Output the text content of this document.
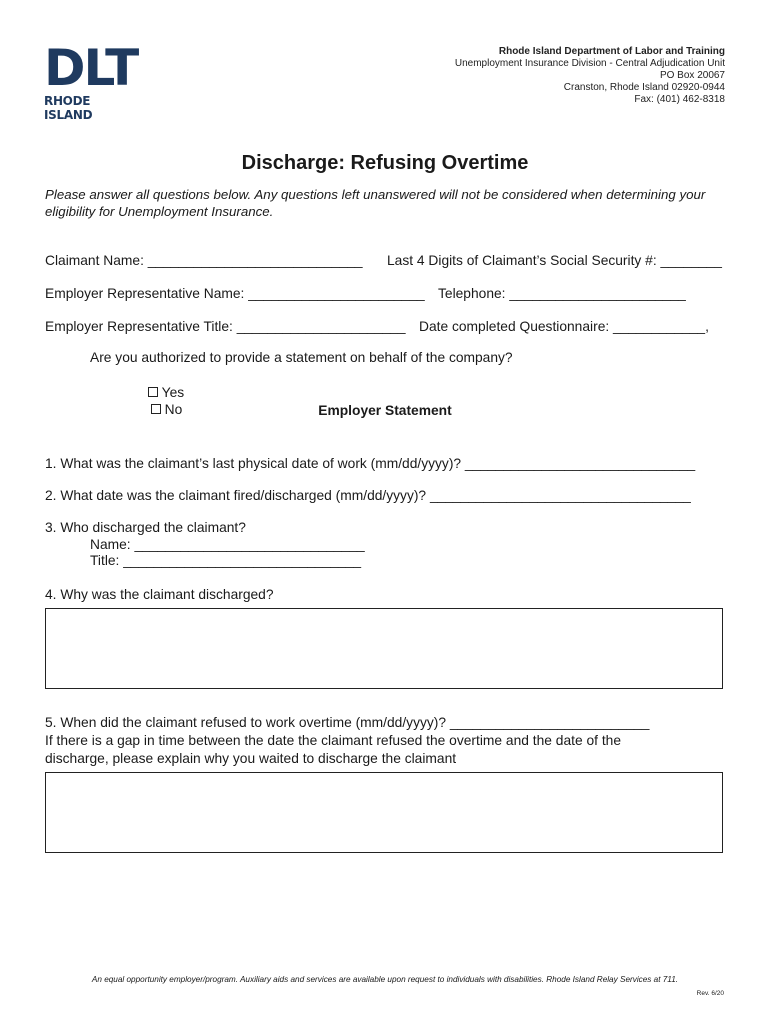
DLT
RHODE ISLAND
Rhode Island Department of Labor and Training
Unemployment Insurance Division - Central Adjudication Unit
PO Box 20067
Cranston, Rhode Island 02920-0944
Fax: (401) 462-8318
Discharge: Refusing Overtime
Please answer all questions below. Any questions left unanswered will not be considered when determining your eligibility for Unemployment Insurance.
Claimant Name: ____________________________ Last 4 Digits of Claimant’s Social Security #: ________
Employer Representative Name: _______________________ Telephone: _______________________
Employer Representative Title: ______________________ Date completed Questionnaire: ____________,
Are you authorized to provide a statement on behalf of the company?

Yes
No	Employer Statement
1. What was the claimant’s last physical date of work (mm/dd/yyyy)? ______________________________
2. What date was the claimant fired/discharged (mm/dd/yyyy)? __________________________________
3. Who discharged the claimant?
Name: ______________________________
Title: _______________________________
4. Why was the claimant discharged?
5. When did the claimant refused to work overtime (mm/dd/yyyy)? __________________________
If there is a gap in time between the date the claimant refused the overtime and the date of the
discharge, please explain why you waited to discharge the claimant
An equal opportunity employer/program. Auxiliary aids and services are available upon request to individuals with disabilities. Rhode Island Relay Services at 711.
Rev. 6/20
